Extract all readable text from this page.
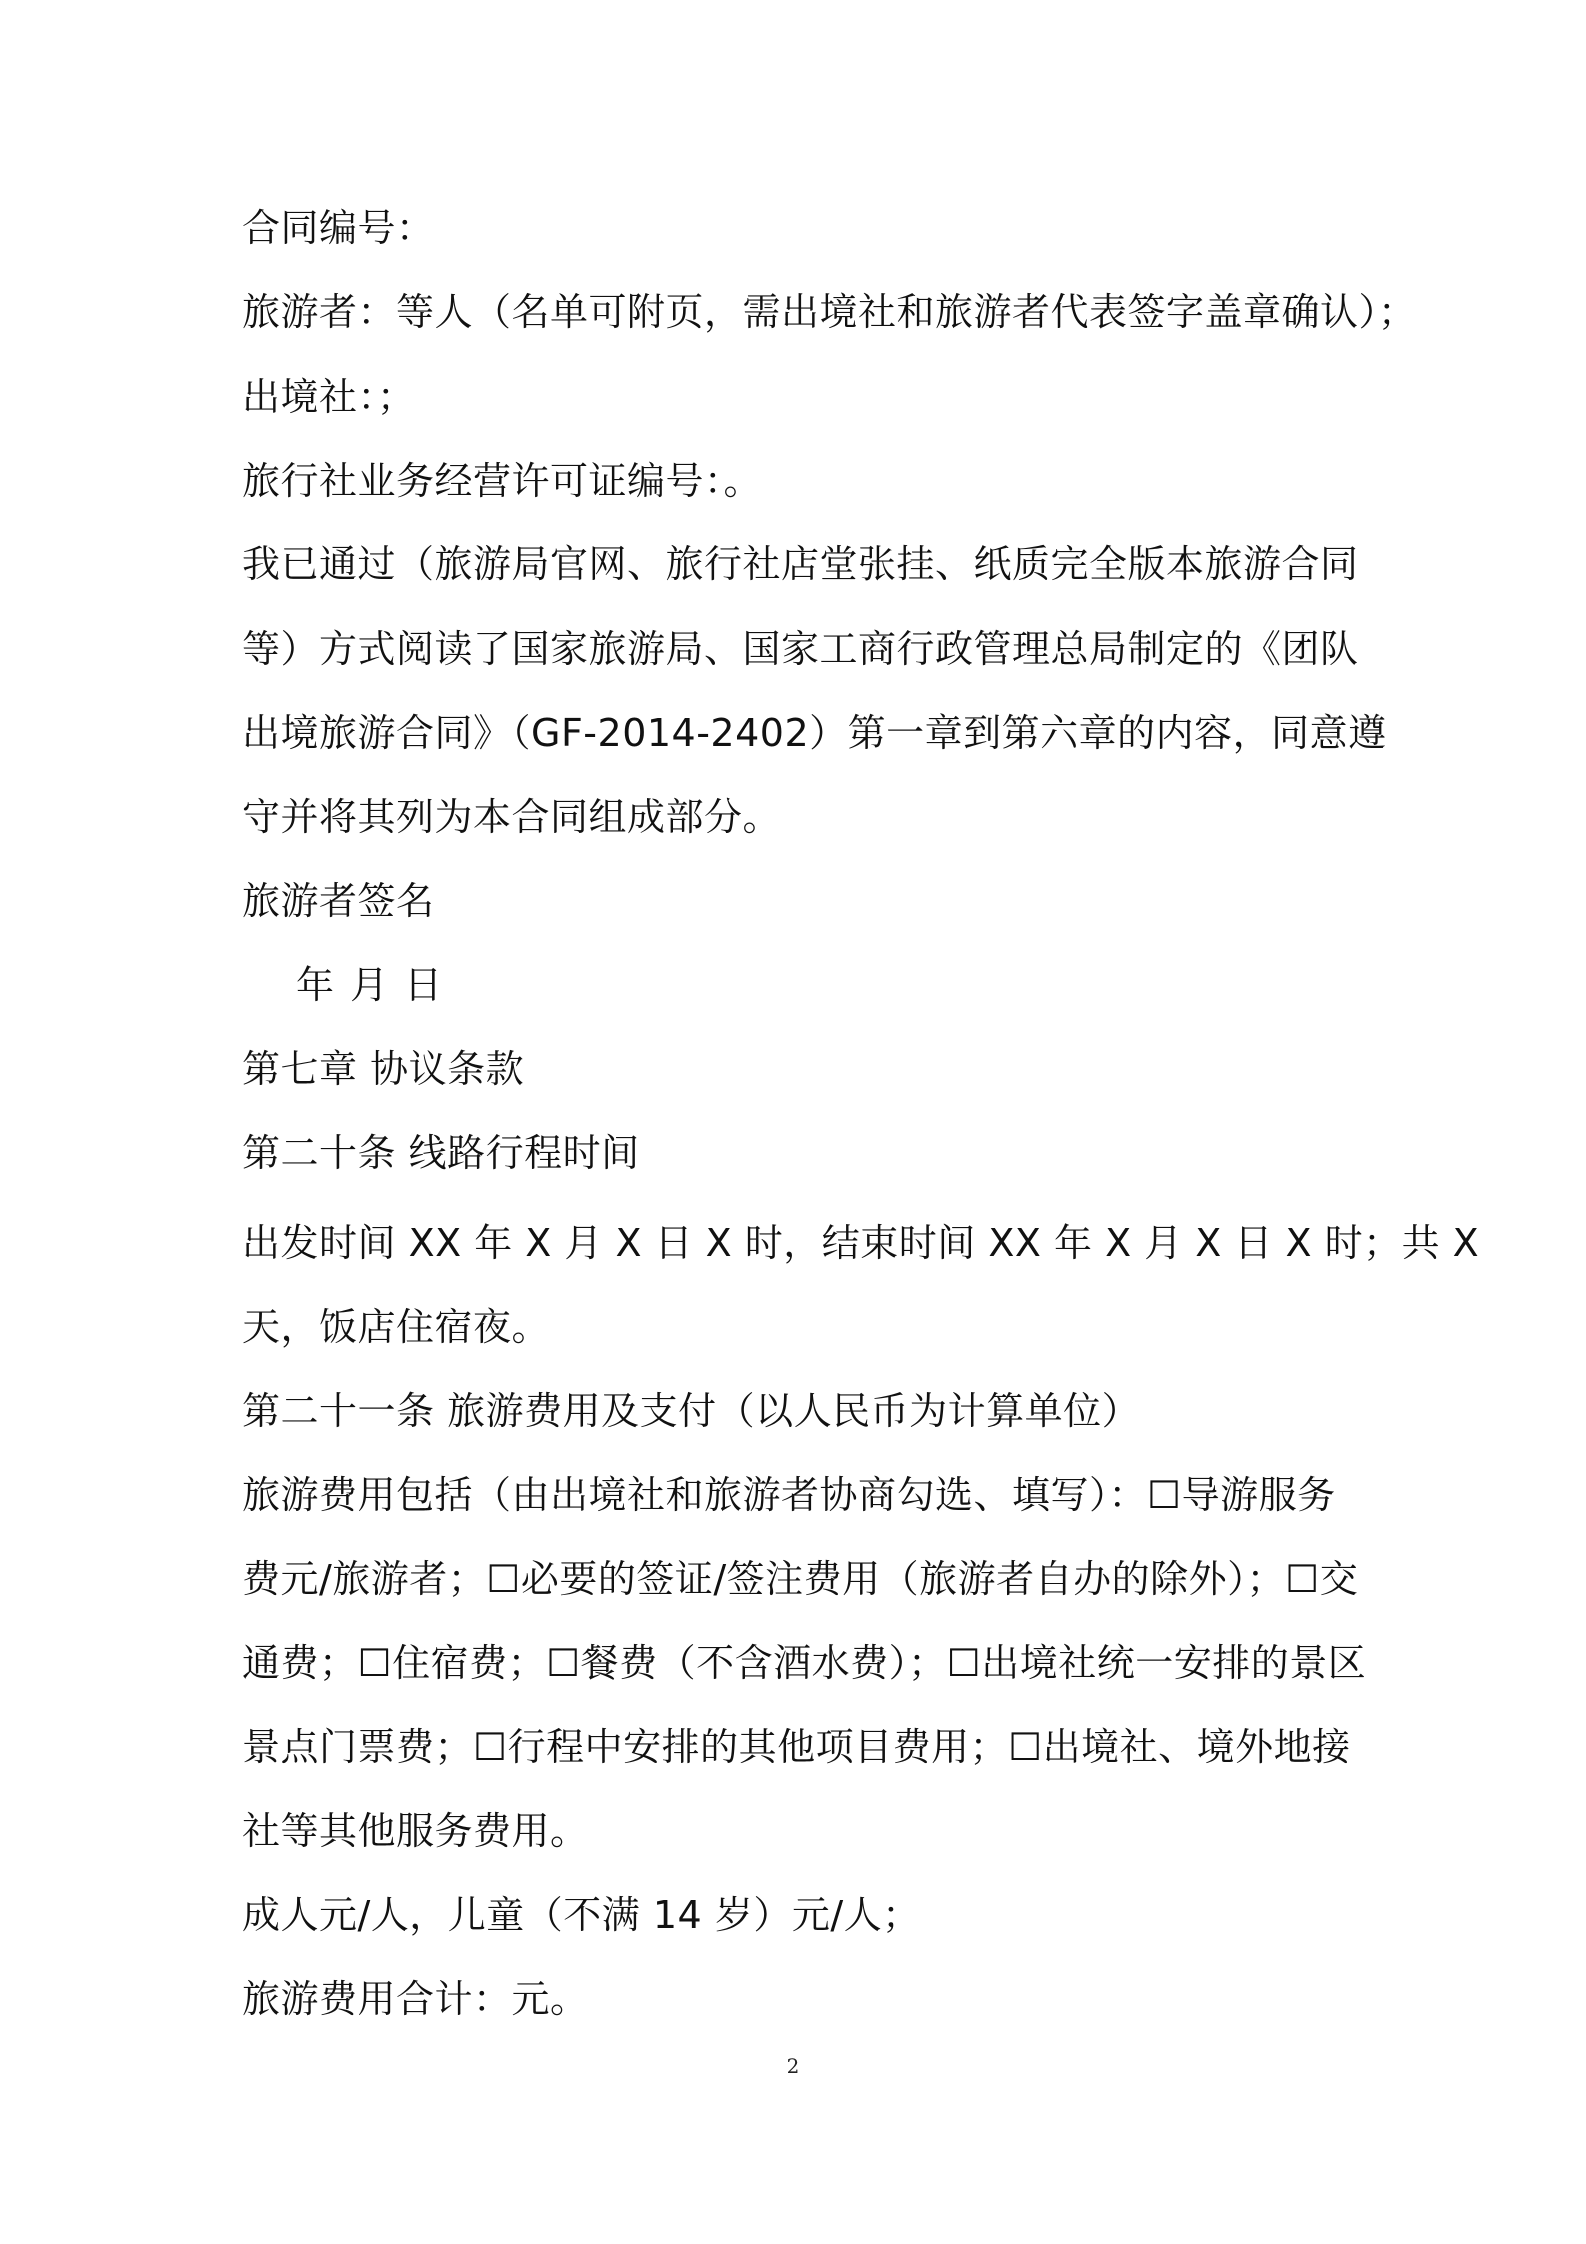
合同编号：
旅游者：等人（名单可附页，需出境社和旅游者代表签字盖章确认）；
出境社：；
旅行社业务经营许可证编号：。
我已通过（旅游局官网、旅行社店堂张挂、纸质完全版本旅游合同
等）方式阅读了国家旅游局、国家工商行政管理总局制定的《团队
出境旅游合同》（GF-2014-2402）第一章到第六章的内容，同意遵
守并将其列为本合同组成部分。
旅游者签名
年 月 日
第七章 协议条款
第二十条 线路行程时间
出发时间 XX 年 X 月 X 日 X 时，结束时间 XX 年 X 月 X 日 X 时；共 X
天，饭店住宿夜。
第二十一条 旅游费用及支付（以人民币为计算单位）
旅游费用包括（由出境社和旅游者协商勾选、填写）：☐导游服务
费元/旅游者；☐必要的签证/签注费用（旅游者自办的除外）；☐交
通费；☐住宿费；☐餐费（不含酒水费）；☐出境社统一安排的景区
景点门票费；☐行程中安排的其他项目费用；☐出境社、境外地接
社等其他服务费用。
成人元/人，儿童（不满 14 岁）元/人；
旅游费用合计：元。
2
